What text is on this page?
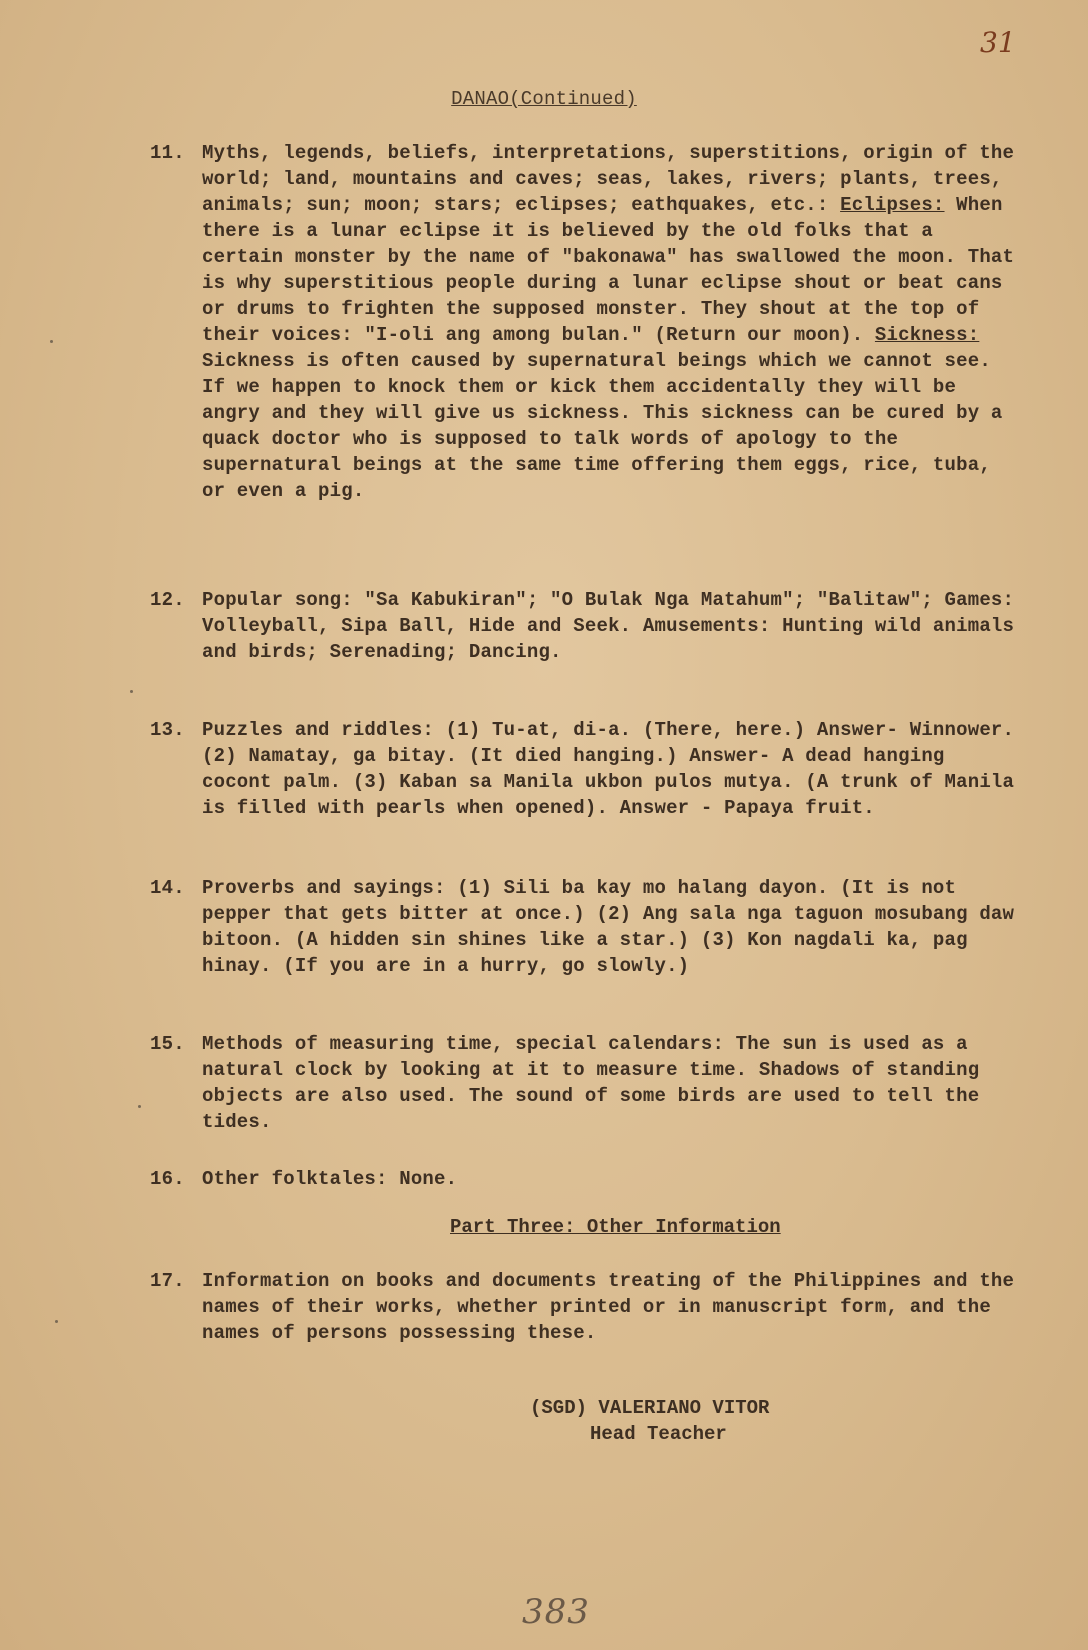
31
DANAO(Continued)
11. Myths, legends, beliefs, interpretations, superstitions, origin of the world; land, mountains and caves; seas, lakes, rivers; plants, trees, animals; sun; moon; stars; eclipses; eathquakes, etc.: Eclipses: When there is a lunar eclipse it is believed by the old folks that a certain monster by the name of "bakonawa" has swallowed the moon. That is why superstitious people during a lunar eclipse shout or beat cans or drums to frighten the supposed monster. They shout at the top of their voices: "I-oli ang among bulan." (Return our moon). Sickness: Sickness is often caused by supernatural beings which we cannot see. If we happen to knock them or kick them accidentally they will be angry and they will give us sickness. This sickness can be cured by a quack doctor who is supposed to talk words of apology to the supernatural beings at the same time offering them eggs, rice, tuba, or even a pig.
12. Popular song: "Sa Kabukiran"; "O Bulak Nga Matahum"; "Balitaw"; Games: Volleyball, Sipa Ball, Hide and Seek. Amusements: Hunting wild animals and birds; Serenading; Dancing.
13. Puzzles and riddles: (1) Tu-at, di-a. (There, here.) Answer- Winnower. (2) Namatay, ga bitay. (It died hanging.) Answer- A dead hanging cocont palm. (3) Kaban sa Manila ukbon pulos mutya. (A trunk of Manila is filled with pearls when opened). Answer - Papaya fruit.
14. Proverbs and sayings: (1) Sili ba kay mo halang dayon. (It is not pepper that gets bitter at once.) (2) Ang sala nga taguon mosubang daw bitoon. (A hidden sin shines like a star.) (3) Kon nagdali ka, pag hinay. (If you are in a hurry, go slowly.)
15. Methods of measuring time, special calendars: The sun is used as a natural clock by looking at it to measure time. Shadows of standing objects are also used. The sound of some birds are used to tell the tides.
16. Other folktales: None.
Part Three: Other Information
17. Information on books and documents treating of the Philippines and the names of their works, whether printed or in manuscript form, and the names of persons possessing these.
(SGD) VALERIANO VITOR
Head Teacher
383
